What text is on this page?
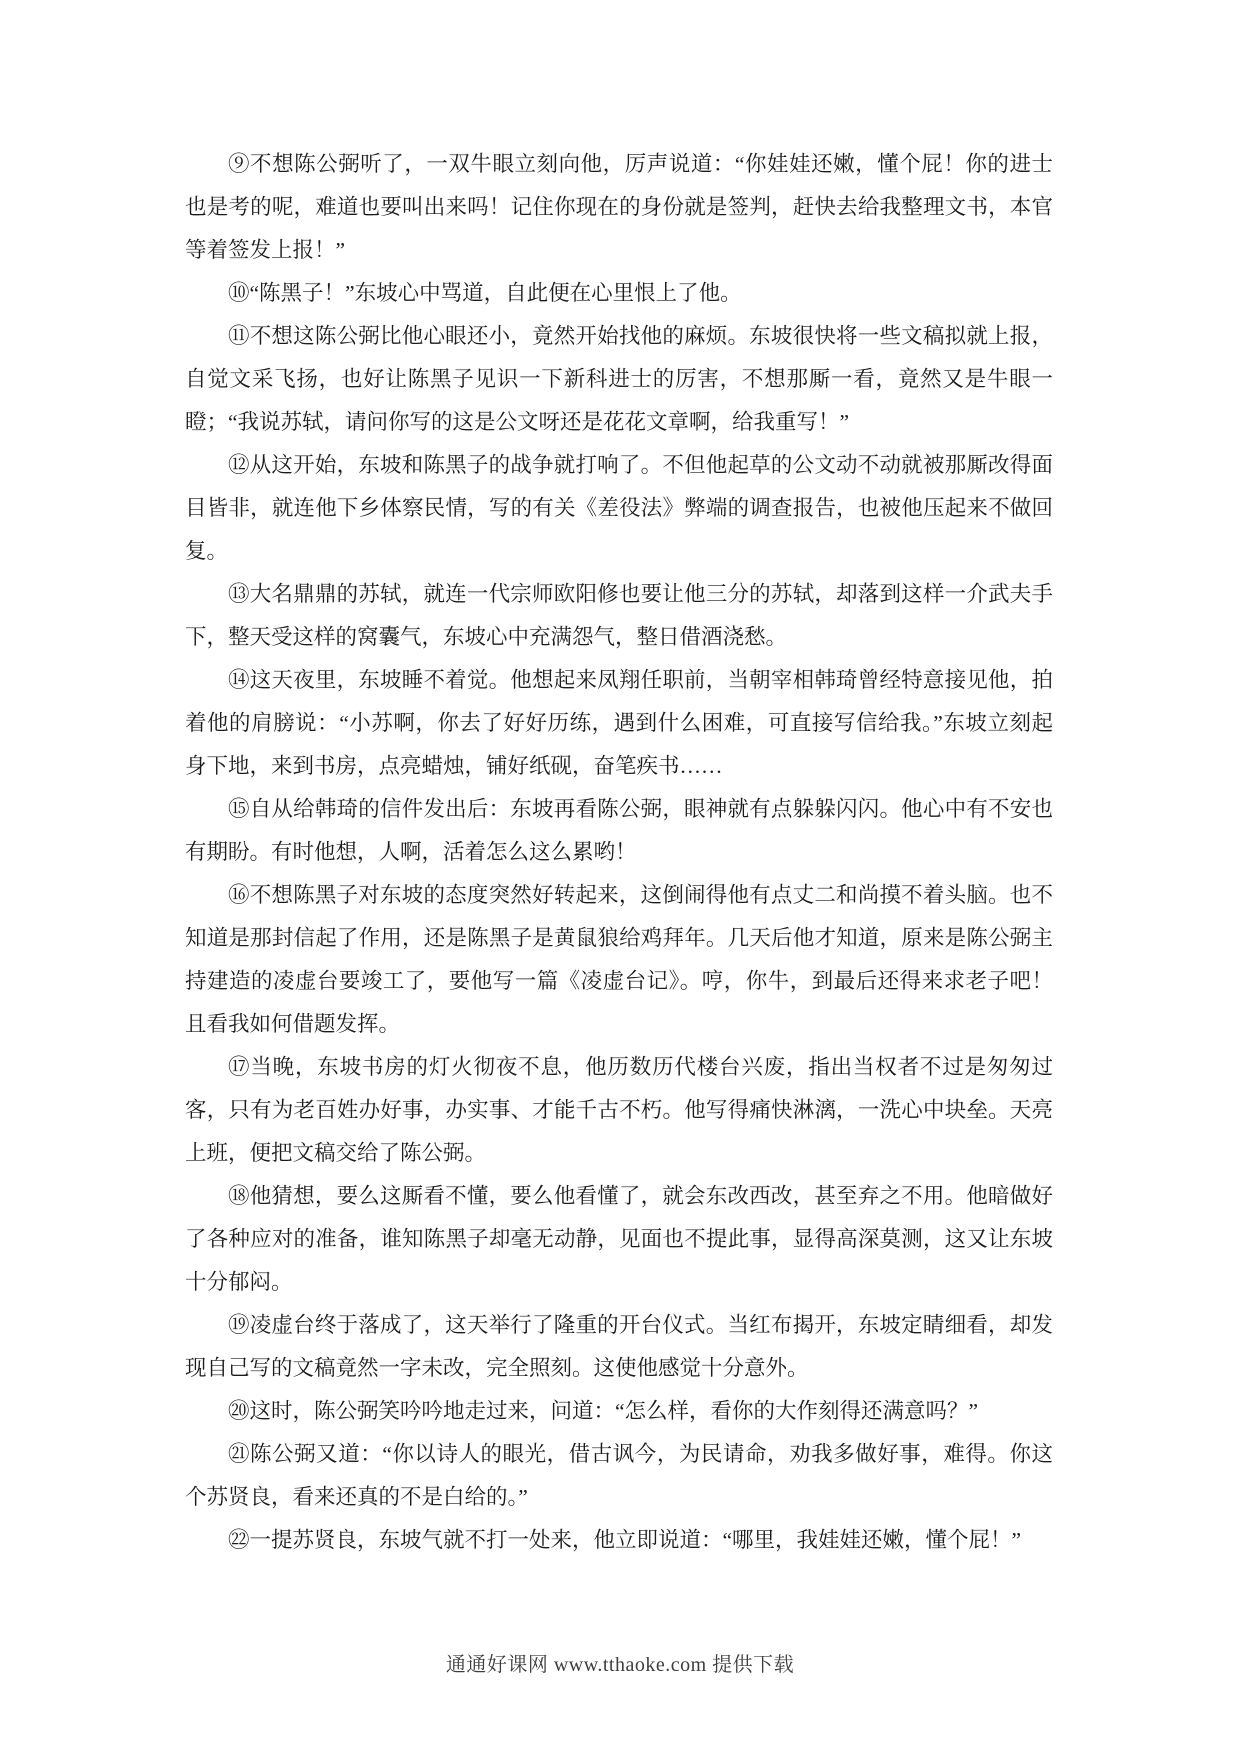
⑨不想陈公弼听了，一双牛眼立刻向他，厉声说道：“你娃娃还嫩，懂个屁！你的进士也是考的呢，难道也要叫出来吗！记住你现在的身份就是签判，赶快去给我整理文书，本官等着签发上报！”

⑩“陈黑子！”东坡心中骂道，自此便在心里恨上了他。

⑪不想这陈公弼比他心眼还小，竟然开始找他的麻烦。东坡很快将一些文稿拟就上报，自觉文采飞扬，也好让陈黑子见识一下新科进士的厉害，不想那厮一看，竟然又是牛眼一瞪；“我说苏轼，请问你写的这是公文呀还是花花文章啊，给我重写！”

⑫从这开始，东坡和陈黑子的战争就打响了。不但他起草的公文动不动就被那厮改得面目皆非，就连他下乡体察民情，写的有关《差役法》弊端的调查报告，也被他压起来不做回复。

⑬大名鼎鼎的苏轼，就连一代宗师欧阳修也要让他三分的苏轼，却落到这样一介武夫手下，整天受这样的窝囊气，东坡心中充满怨气，整日借酒浇愁。

⑭这天夜里，东坡睡不着觉。他想起来凤翔任职前，当朝宰相韩琦曾经特意接见他，拍着他的肩膀说：“小苏啊，你去了好好历练，遇到什么困难，可直接写信给我。”东坡立刻起身下地，来到书房，点亮蜡烛，铺好纸砚，奋笔疾书……

⑮自从给韩琦的信件发出后：东坡再看陈公弼，眼神就有点躲躲闪闪。他心中有不安也有期盼。有时他想，人啊，活着怎么这么累哟！

⑯不想陈黑子对东坡的态度突然好转起来，这倒闹得他有点丈二和尚摸不着头脑。也不知道是那封信起了作用，还是陈黑子是黄鼠狼给鸡拜年。几天后他才知道，原来是陈公弼主持建造的凌虚台要竣工了，要他写一篇《凌虚台记》。哼，你牛，到最后还得来求老子吧！且看我如何借题发挥。

⑰当晚，东坡书房的灯火彻夜不息，他历数历代楼台兴废，指出当权者不过是匆匆过客，只有为老百姓办好事，办实事、才能千古不朽。他写得痛快淋漓，一洗心中块垒。天亮上班，便把文稿交给了陈公弼。

⑱他猜想，要么这厮看不懂，要么他看懂了，就会东改西改，甚至弃之不用。他暗做好了各种应对的准备，谁知陈黑子却毫无动静，见面也不提此事，显得高深莫测，这又让东坡十分郁闷。

⑲凌虚台终于落成了，这天举行了隆重的开台仪式。当红布揭开，东坡定睛细看，却发现自己写的文稿竟然一字未改，完全照刻。这使他感觉十分意外。

⑳这时，陈公弼笑吟吟地走过来，问道：“怎么样，看你的大作刻得还满意吗？”

㉑陈公弼又道：“你以诗人的眼光，借古讽今，为民请命，劝我多做好事，难得。你这个苏贤良，看来还真的不是白给的。”

㉒一提苏贤良，东坡气就不打一处来，他立即说道：“哪里，我娃娃还嫩，懂个屁！”

通通好课网 www.tthaoke.com 提供下载
